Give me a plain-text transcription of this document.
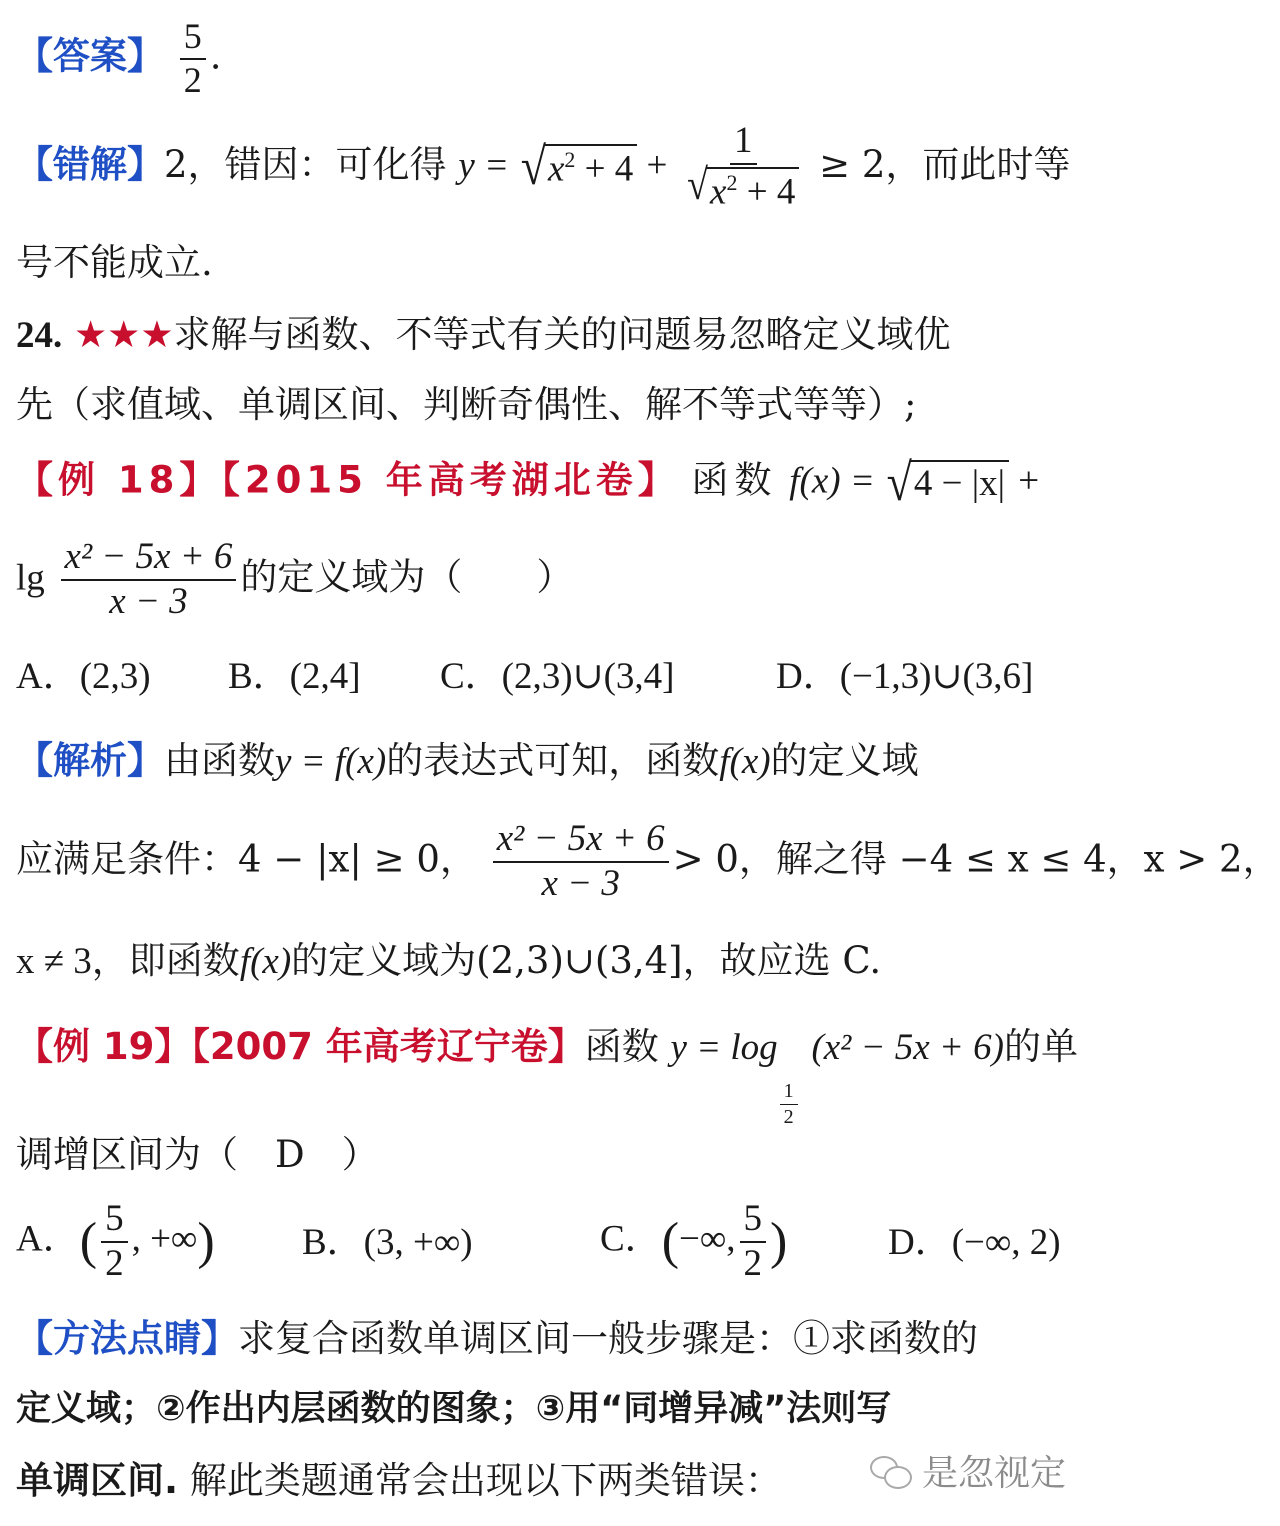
【答案】 $\frac{5}{2}$ .
【错解】2，错因：可化得 y = √ $x^2 + 4 + \frac{1}{√ x^2 + 4} \ge 2$，而此时等
号不能成立.
24. ★★★求解与函数、不等式有关的问题易忽略定义域优
先（求值域、单调区间、判断奇偶性、解不等式等等）;
【例 18】【2015 年高考湖北卷】 函数 f(x) = √ 4 − |x| +
$\lg \frac{\text{x² − 5x + 6}}{x - 3}$ 的定义域为（　　）
A．(2,3) B．(2,4] C．(2,3)∪(3,4]	D．(−1,3)∪(3,6]
【解析】由函数y = f(x)的表达式可知，函数f(x)的定义域
应满足条件：4 − |x| ≥ 0， $\frac{\text{x² − 5x + 6}}{x - 3} > 0$，解之得 −4 ≤ x ≤ 4，x > 2，
x ≠ 3，即函数f(x)的定义域为(2,3)∪(3,4]，故应选 C.
【例 19】【2007 年高考辽宁卷】函数 y = log
$\frac{1}{2}$
(x² − 5x + 6)的单
调增区间为（　D　）
A．( $\frac{5}{2}$ , +∞) B．(3, +∞)	C．(−∞, $\frac{5}{2}$ )	D．(−∞, 2)
【方法点睛】求复合函数单调区间一般步骤是：①求函数的
定义域；②作出内层函数的图象；③用“同增异减”法则写
单调区间. 解此类题通常会出现以下两类错误：	是忽视定
